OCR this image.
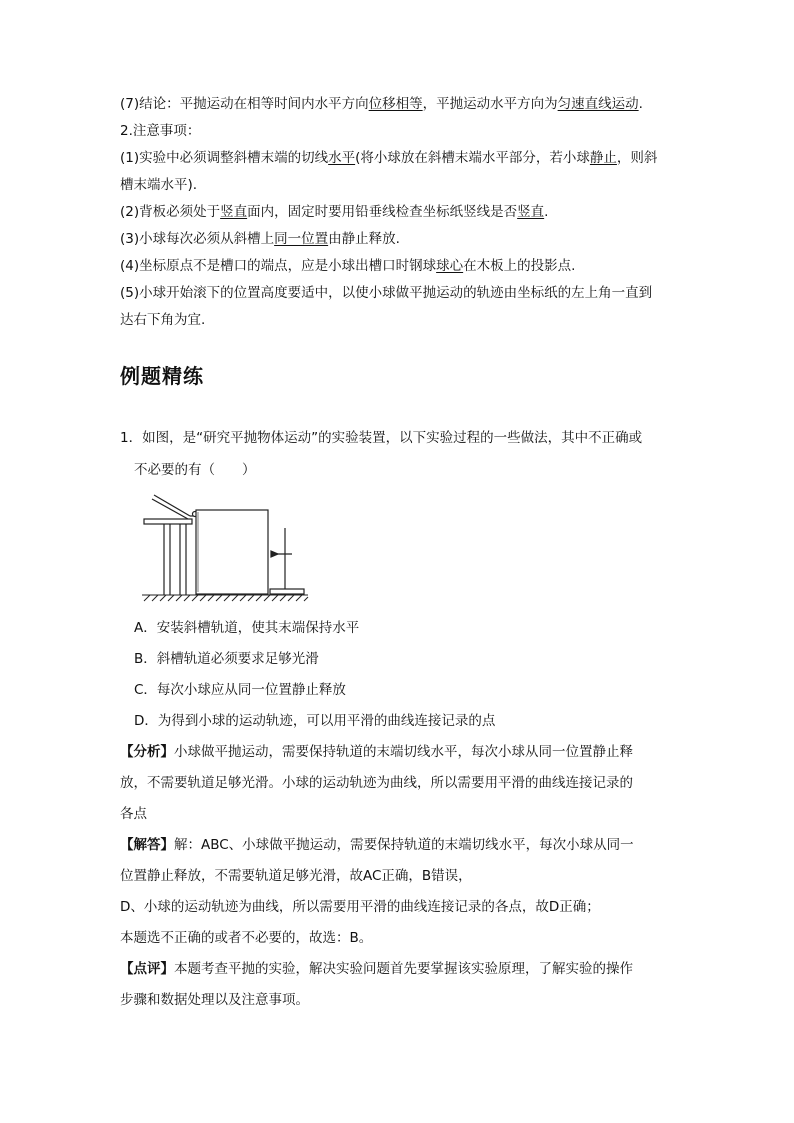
(7)结论：平抛运动在相等时间内水平方向位移相等，平抛运动水平方向为匀速直线运动.
2.注意事项：
(1)实验中必须调整斜槽末端的切线水平(将小球放在斜槽末端水平部分，若小球静止，则斜
槽末端水平).
(2)背板必须处于竖直面内，固定时要用铅垂线检查坐标纸竖线是否竖直.
(3)小球每次必须从斜槽上同一位置由静止释放.
(4)坐标原点不是槽口的端点，应是小球出槽口时钢球球心在木板上的投影点.
(5)小球开始滚下的位置高度要适中，以使小球做平抛运动的轨迹由坐标纸的左上角一直到
达右下角为宜.
例题精练
1．如图，是“研究平抛物体运动”的实验装置，以下实验过程的一些做法，其中不正确或
不必要的有（　　）
A．安装斜槽轨道，使其末端保持水平
B．斜槽轨道必须要求足够光滑
C．每次小球应从同一位置静止释放
D．为得到小球的运动轨迹，可以用平滑的曲线连接记录的点
【分析】小球做平抛运动，需要保持轨道的末端切线水平，每次小球从同一位置静止释
放，不需要轨道足够光滑。小球的运动轨迹为曲线，所以需要用平滑的曲线连接记录的
各点
【解答】解：ABC、小球做平抛运动，需要保持轨道的末端切线水平，每次小球从同一
位置静止释放，不需要轨道足够光滑，故AC正确，B错误，
D、小球的运动轨迹为曲线，所以需要用平滑的曲线连接记录的各点，故D正确；
本题选不正确的或者不必要的，故选：B。
【点评】本题考查平抛的实验，解决实验问题首先要掌握该实验原理，了解实验的操作
步骤和数据处理以及注意事项。
